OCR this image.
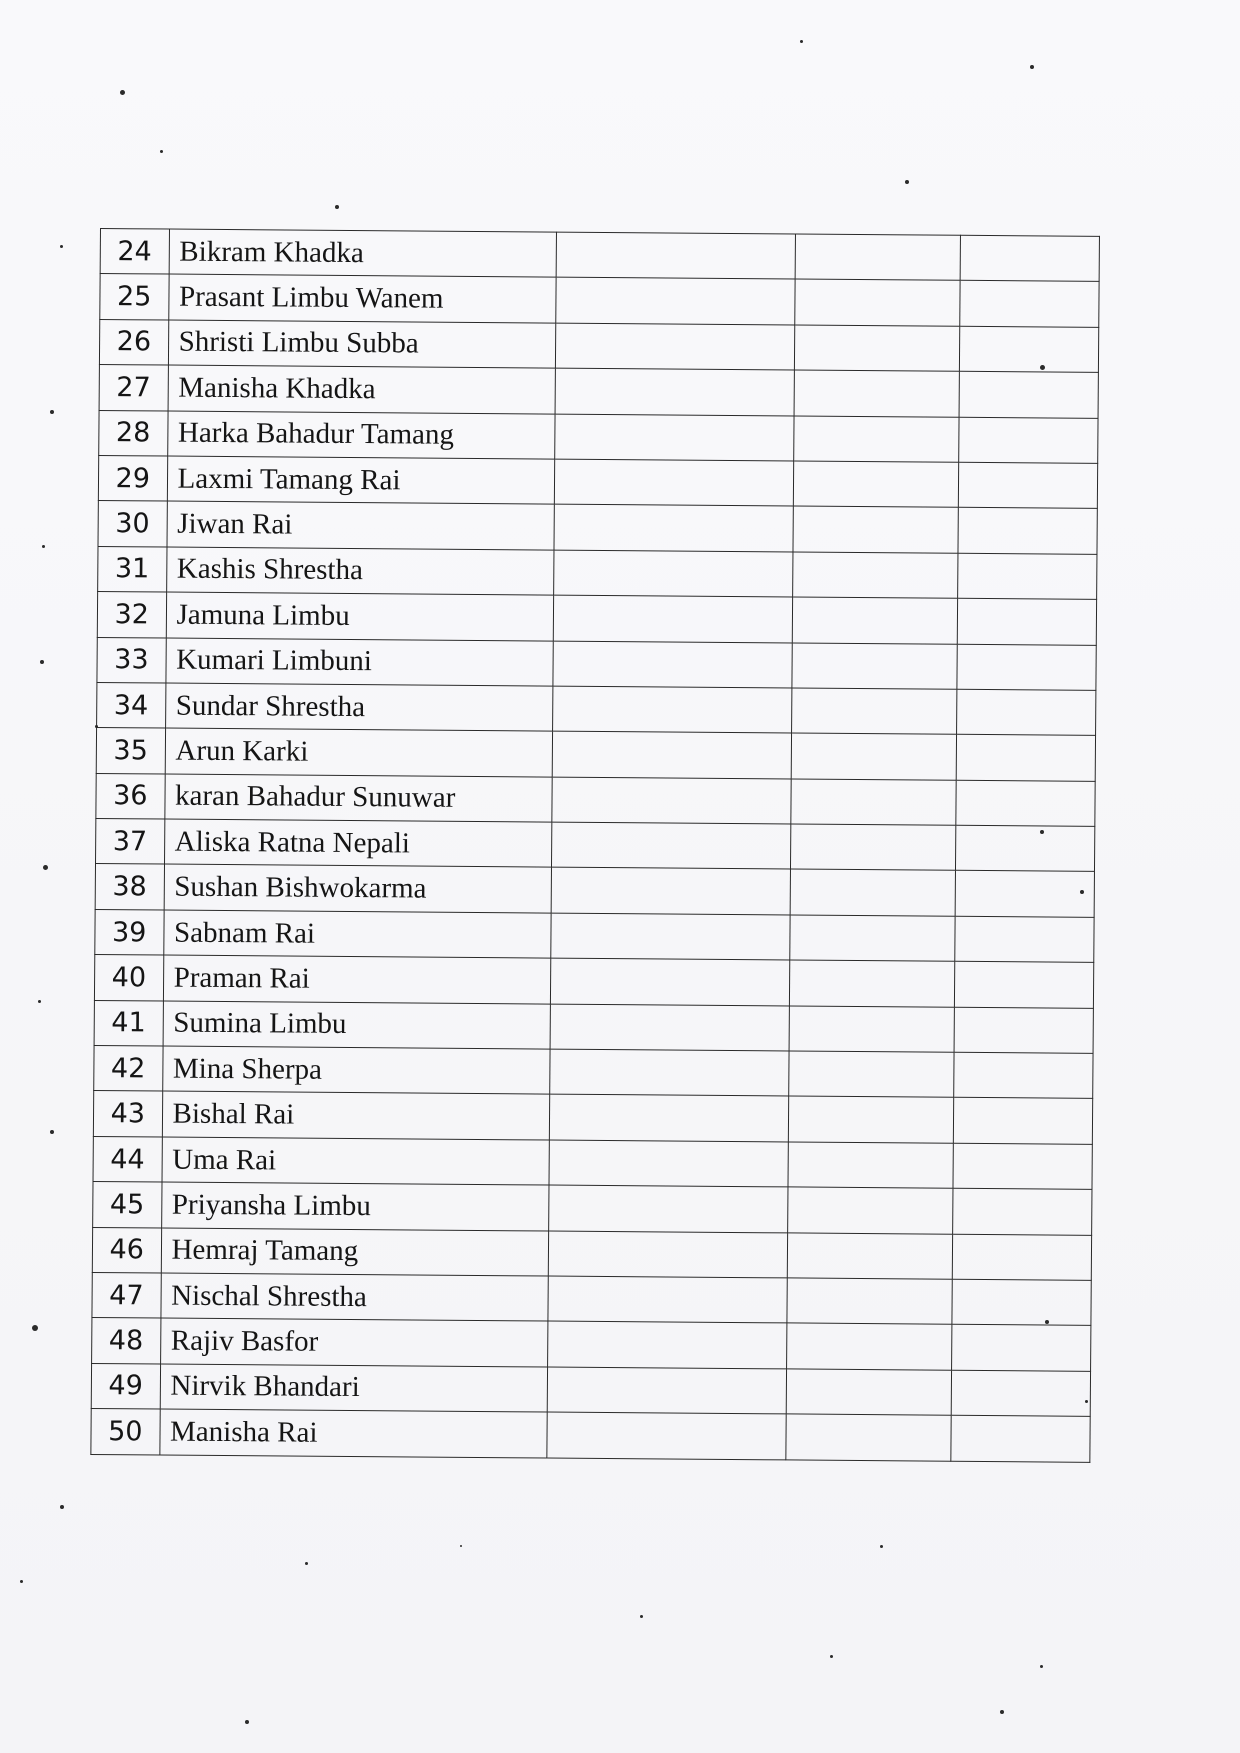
24	Bikram Khadka			
25	Prasant Limbu Wanem			
26	Shristi Limbu Subba			
27	Manisha Khadka			
28	Harka Bahadur Tamang			
29	Laxmi Tamang Rai			
30	Jiwan Rai			
31	Kashis Shrestha			
32	Jamuna Limbu			
33	Kumari Limbuni			
34	Sundar Shrestha			
35	Arun Karki			
36	karan Bahadur Sunuwar			
37	Aliska Ratna Nepali			
38	Sushan Bishwokarma			
39	Sabnam Rai			
40	Praman Rai			
41	Sumina Limbu			
42	Mina Sherpa			
43	Bishal Rai			
44	Uma Rai			
45	Priyansha Limbu			
46	Hemraj Tamang			
47	Nischal Shrestha			
48	Rajiv Basfor			
49	Nirvik Bhandari			
50	Manisha Rai			
